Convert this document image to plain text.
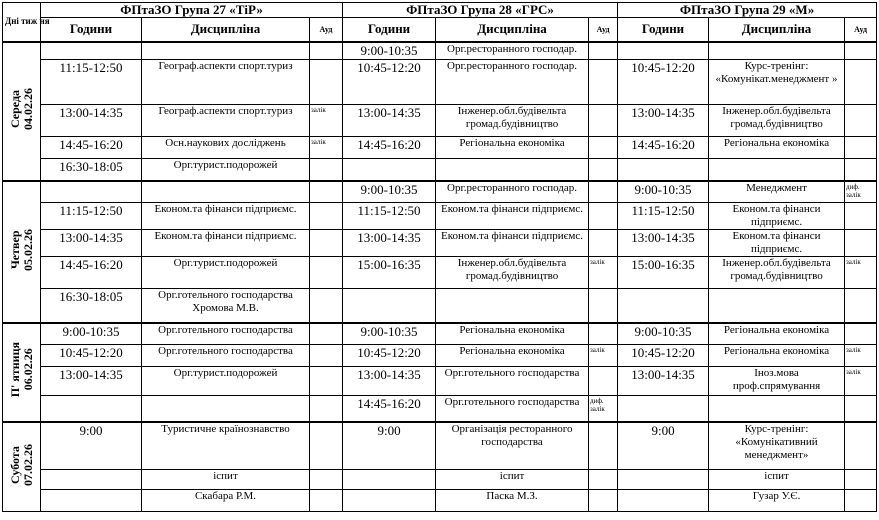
Дні тиж ня	ФПтаЗО Група 27 «ТіР»			ФПтаЗО Група 28 «ГРС»			ФПтаЗО Група 29 «М»		
	Години	Дисципліна	Ауд	Години	Дисципліна	Ауд	Години	Дисципліна	Ауд

Середа 04.02.26				9:00-10:35	Орг.ресторанного господар.				
	11:15-12:50	Географ.аспекти спорт.туриз		10:45-12:20	Орг.ресторанного господар.		10:45-12:20	Курс-тренінг: «Комунікат.менеджмент »	
	13:00-14:35	Географ.аспекти спорт.туриз	залік	13:00-14:35	Інженер.обл.будівельта громад.будівництво		13:00-14:35	Інженер.обл.будівельта громад.будівництво	
	14:45-16:20	Осн.наукових досліджень	залік	14:45-16:20	Регіональна економіка		14:45-16:20	Регіональна економіка	
	16:30-18:05	Орг.турист.подорожей							

Четвер 05.02.26				9:00-10:35	Орг.ресторанного господар.		9:00-10:35	Менеджмент	диф. залік
	11:15-12:50	Економ.та фінанси підприємс.		11:15-12:50	Економ.та фінанси підприємс.		11:15-12:50	Економ.та фінанси підприємс.	
	13:00-14:35	Економ.та фінанси підприємс.		13:00-14:35	Економ.та фінанси підприємс.		13:00-14:35	Економ.та фінанси підприємс.	
	14:45-16:20	Орг.турист.подорожей		15:00-16:35	Інженер.обл.будівельта громад.будівництво	залік	15:00-16:35	Інженер.обл.будівельта громад.будівництво	залік
	16:30-18:05	Орг.готельного господарства Хромова М.В.							

П' ятниця 06.02.26	9:00-10:35	Орг.готельного господарства		9:00-10:35	Регіональна економіка		9:00-10:35	Регіональна економіка	
	10:45-12:20	Орг.готельного господарства		10:45-12:20	Регіональна економіка	залік	10:45-12:20	Регіональна економіка	залік
	13:00-14:35	Орг.турист.подорожей		13:00-14:35	Орг.готельного господарства		13:00-14:35	Іноз.мова проф.спрямування	залік
				14:45-16:20	Орг.готельного господарства	диф. залік			

Субота 07.02.26	9:00	Туристичне країнознавство		9:00	Організація ресторанного господарства		9:00	Курс-тренінг: «Комунікативний менеджмент»	
		іспит			іспит			іспит	
		Скабара Р.М.			Паска М.З.			Гузар У.Є.	
